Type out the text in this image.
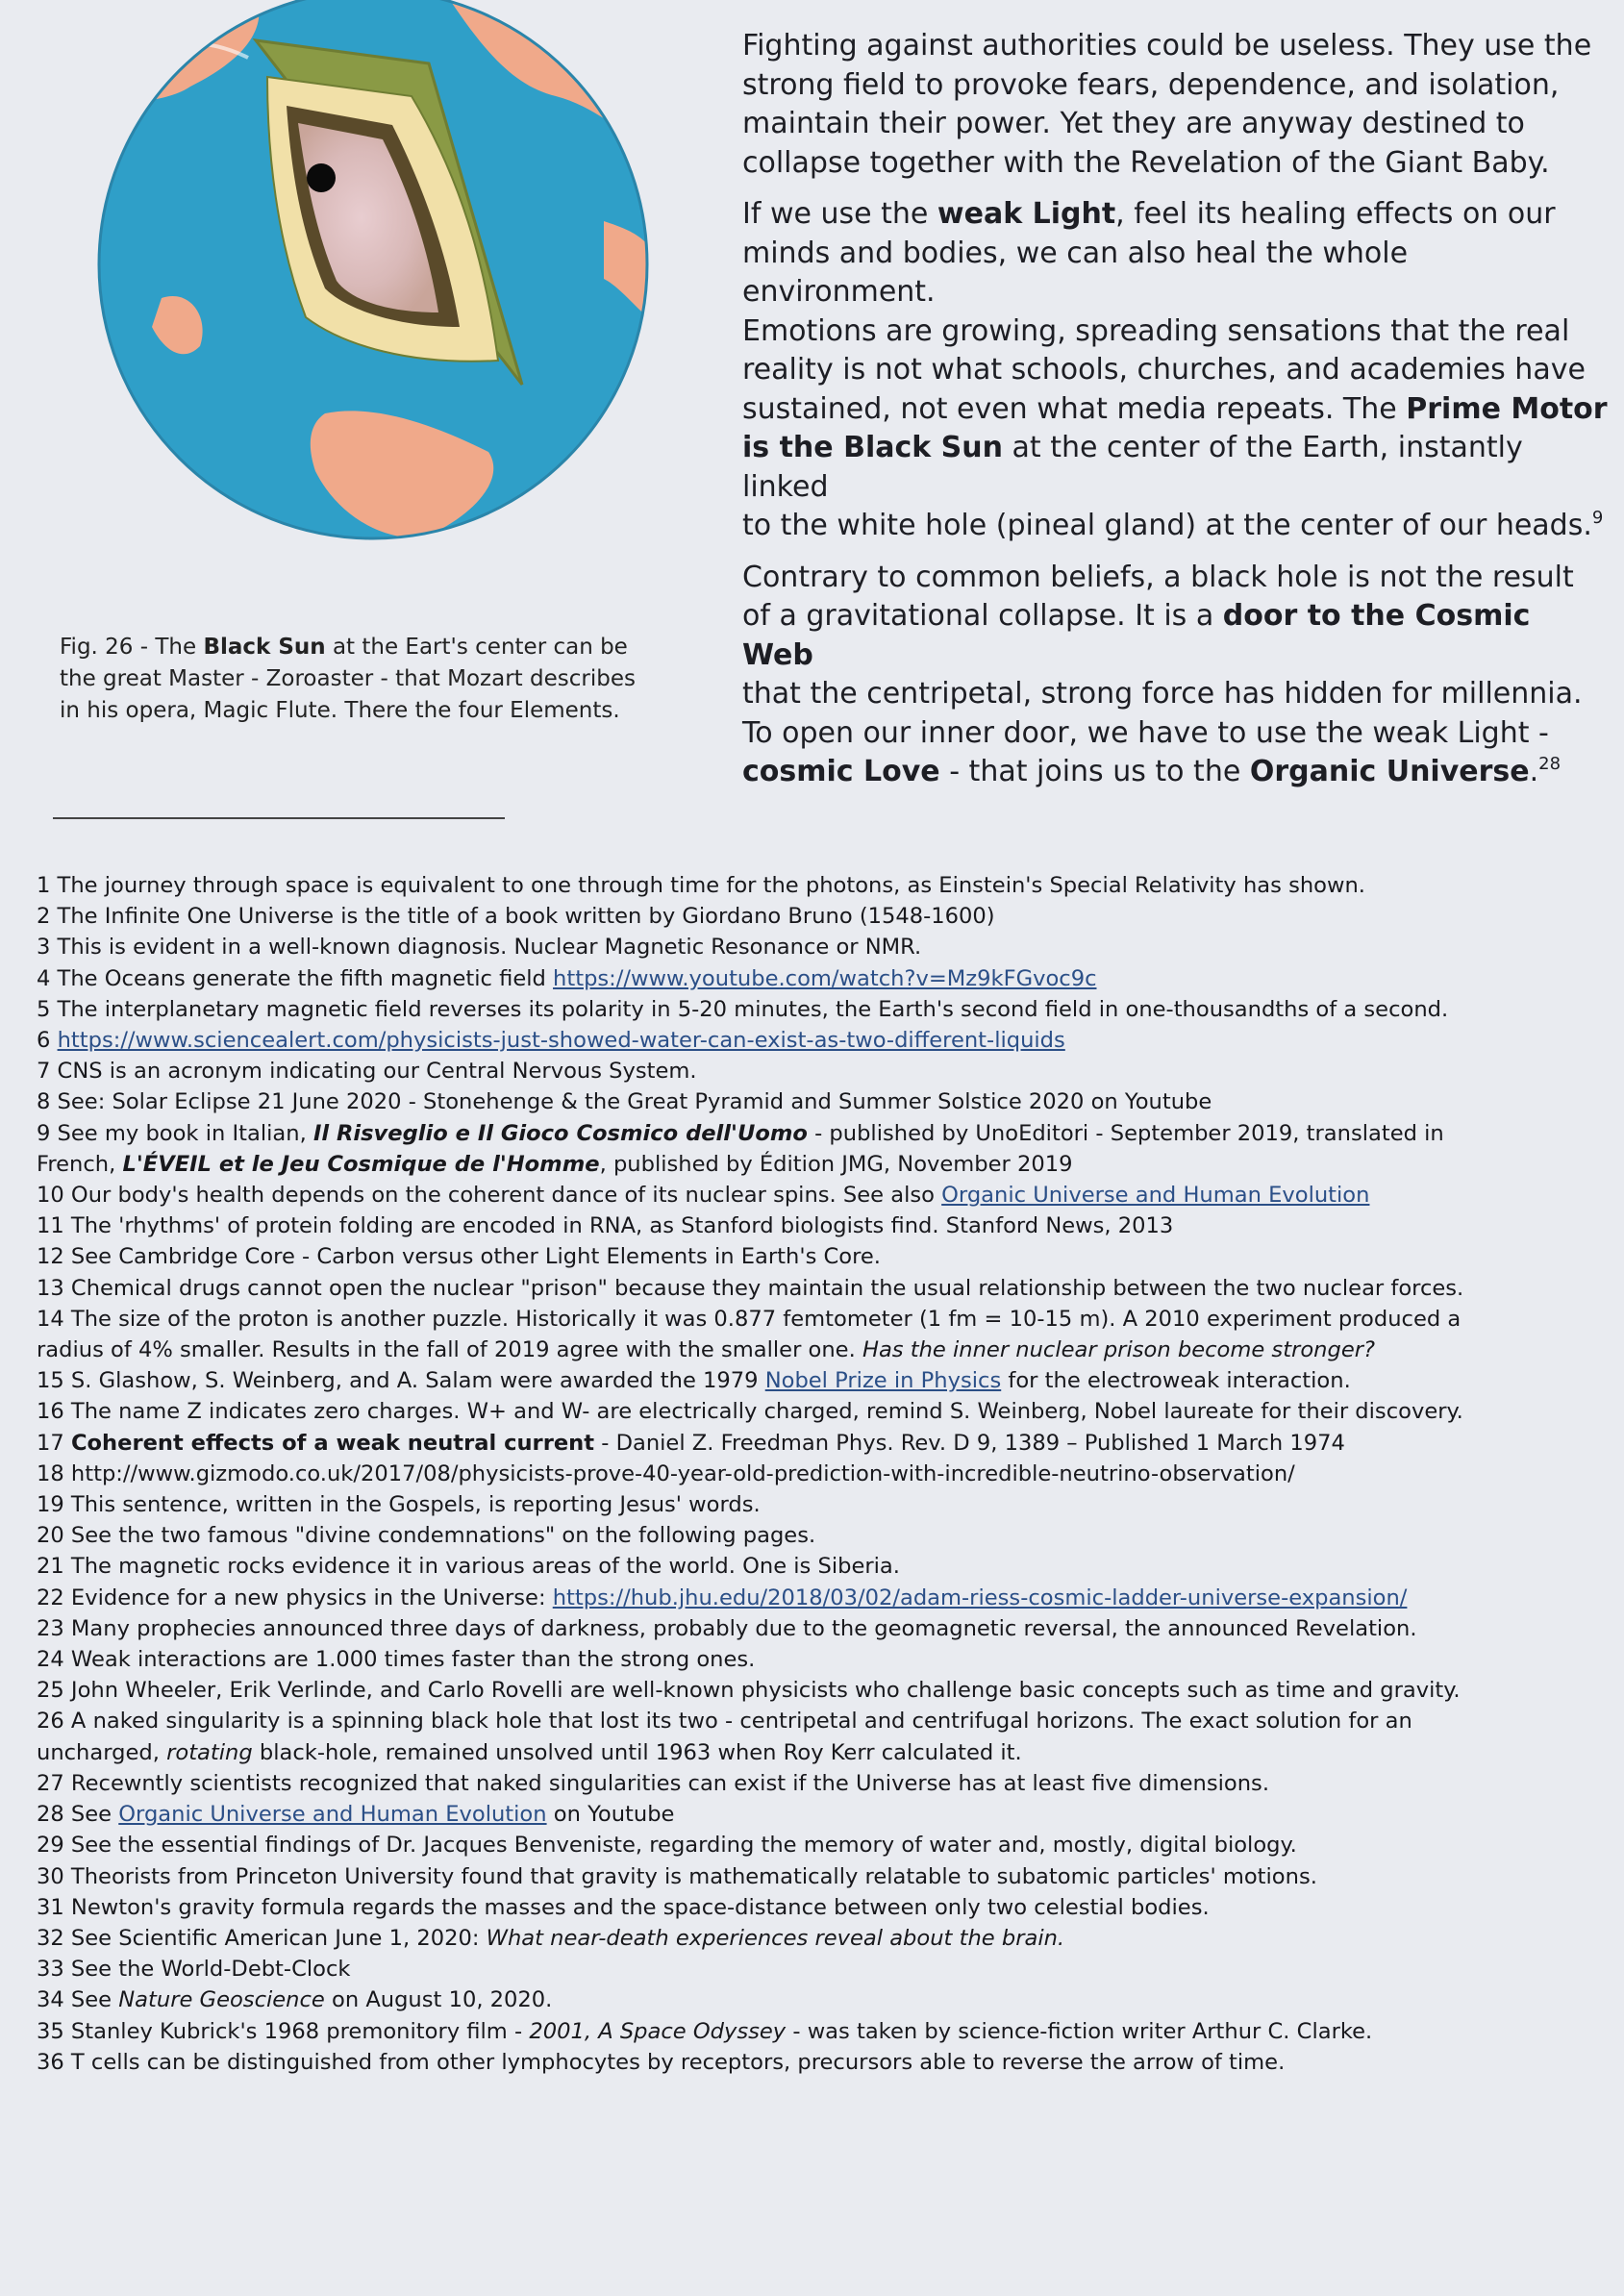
Fig. 26 - The Black Sun at the Eart's center can be
the great Master - Zoroaster - that Mozart describes
in his opera, Magic Flute. There the four Elements.

Fighting against authorities could be useless. They use the
strong field to provoke fears, dependence, and isolation,
maintain their power. Yet they are anyway destined to
collapse together with the Revelation of the Giant Baby.

If we use the weak Light, feel its healing effects on our
minds and bodies, we can also heal the whole environment.
Emotions are growing, spreading sensations that the real
reality is not what schools, churches, and academies have
sustained, not even what media repeats. The Prime Motor
is the Black Sun at the center of the Earth, instantly linked
to the white hole (pineal gland) at the center of our heads.$^9$

Contrary to common beliefs, a black hole is not the result
of a gravitational collapse. It is a door to the Cosmic Web
that the centripetal, strong force has hidden for millennia.
To open our inner door, we have to use the weak Light -
cosmic Love - that joins us to the Organic Universe.$^{28}$

1 The journey through space is equivalent to one through time for the photons, as Einstein's Special Relativity has shown.
2 The Infinite One Universe is the title of a book written by Giordano Bruno (1548-1600)
3 This is evident in a well-known diagnosis. Nuclear Magnetic Resonance or NMR.
4 The Oceans generate the fifth magnetic field https://www.youtube.com/watch?v=Mz9kFGvoc9c
5 The interplanetary magnetic field reverses its polarity in 5-20 minutes, the Earth's second field in one-thousandths of a second.
6 https://www.sciencealert.com/physicists-just-showed-water-can-exist-as-two-different-liquids
7 CNS is an acronym indicating our Central Nervous System.
8 See: Solar Eclipse 21 June 2020 - Stonehenge & the Great Pyramid and Summer Solstice 2020 on Youtube
9 See my book in Italian, Il Risveglio e Il Gioco Cosmico dell'Uomo - published by UnoEditori - September 2019, translated in
French, L'ÉVEIL et le Jeu Cosmique de l'Homme, published by Édition JMG, November 2019
10 Our body's health depends on the coherent dance of its nuclear spins. See also Organic Universe and Human Evolution
11 The 'rhythms' of protein folding are encoded in RNA, as Stanford biologists find. Stanford News, 2013
12 See Cambridge Core - Carbon versus other Light Elements in Earth's Core.
13 Chemical drugs cannot open the nuclear "prison" because they maintain the usual relationship between the two nuclear forces.
14 The size of the proton is another puzzle. Historically it was 0.877 femtometer (1 fm = 10-15 m). A 2010 experiment produced a
radius of 4% smaller. Results in the fall of 2019 agree with the smaller one. Has the inner nuclear prison become stronger?
15 S. Glashow, S. Weinberg, and A. Salam were awarded the 1979 Nobel Prize in Physics for the electroweak interaction.
16 The name Z indicates zero charges. W+ and W- are electrically charged, remind S. Weinberg, Nobel laureate for their discovery.
17 Coherent effects of a weak neutral current - Daniel Z. Freedman Phys. Rev. D 9, 1389 – Published 1 March 1974
18 http://www.gizmodo.co.uk/2017/08/physicists-prove-40-year-old-prediction-with-incredible-neutrino-observation/
19 This sentence, written in the Gospels, is reporting Jesus' words.
20 See the two famous "divine condemnations" on the following pages.
21 The magnetic rocks evidence it in various areas of the world. One is Siberia.
22 Evidence for a new physics in the Universe: https://hub.jhu.edu/2018/03/02/adam-riess-cosmic-ladder-universe-expansion/
23 Many prophecies announced three days of darkness, probably due to the geomagnetic reversal, the announced Revelation.
24 Weak interactions are 1.000 times faster than the strong ones.
25 John Wheeler, Erik Verlinde, and Carlo Rovelli are well-known physicists who challenge basic concepts such as time and gravity.
26 A naked singularity is a spinning black hole that lost its two - centripetal and centrifugal horizons. The exact solution for an
uncharged, rotating black-hole, remained unsolved until 1963 when Roy Kerr calculated it.
27 Recewntly scientists recognized that naked singularities can exist if the Universe has at least five dimensions.
28 See Organic Universe and Human Evolution on Youtube
29 See the essential findings of Dr. Jacques Benveniste, regarding the memory of water and, mostly, digital biology.
30 Theorists from Princeton University found that gravity is mathematically relatable to subatomic particles' motions.
31 Newton's gravity formula regards the masses and the space-distance between only two celestial bodies.
32 See Scientific American June 1, 2020: What near-death experiences reveal about the brain.
33 See the World-Debt-Clock
34 See Nature Geoscience on August 10, 2020.
35 Stanley Kubrick's 1968 premonitory film - 2001, A Space Odyssey - was taken by science-fiction writer Arthur C. Clarke.
36 T cells can be distinguished from other lymphocytes by receptors, precursors able to reverse the arrow of time.
